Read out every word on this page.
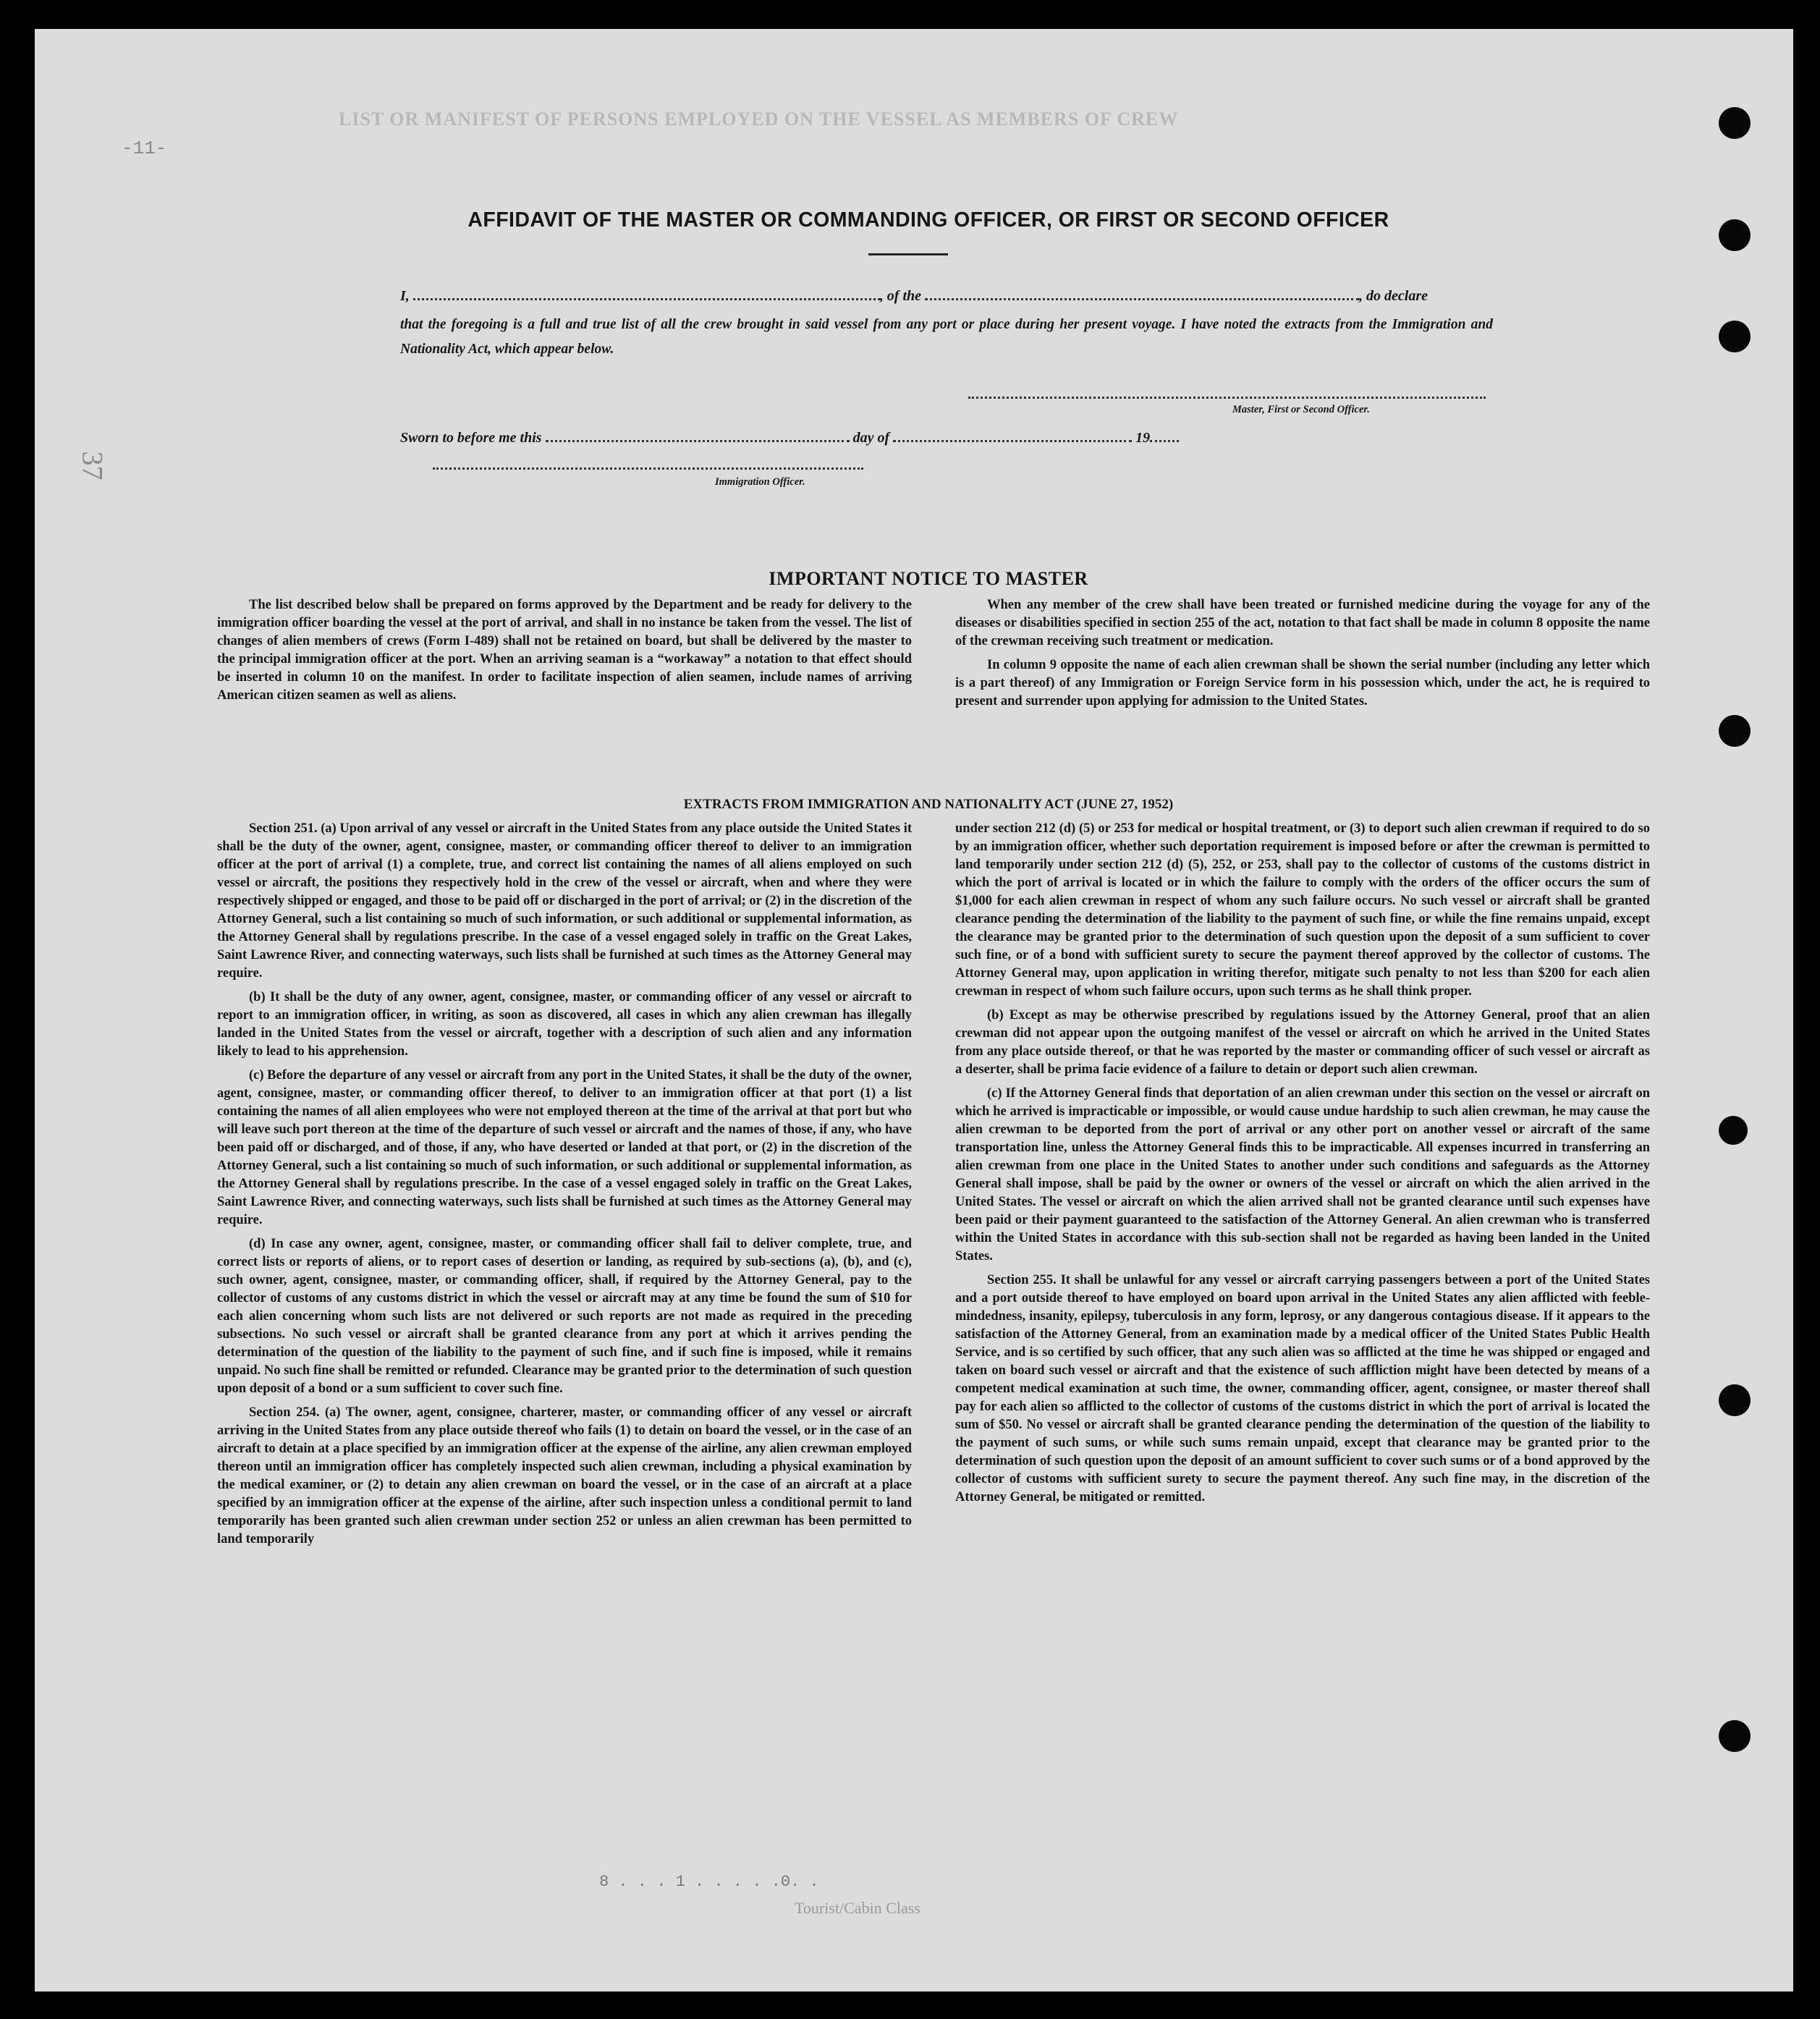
-11-
37
LIST OR MANIFEST OF PERSONS EMPLOYED ON THE VESSEL AS MEMBERS OF CREW
AFFIDAVIT OF THE MASTER OR COMMANDING OFFICER, OR FIRST OR SECOND OFFICER
I,	, of the	, do declare
that the foregoing is a full and true list of all the crew brought in said vessel from any port or place during her present voyage. I have noted the extracts from the Immigration and Nationality Act, which appear below.
Master, First or Second Officer.
Sworn to before me this	day of	19
Immigration Officer.
IMPORTANT NOTICE TO MASTER

The list described below shall be prepared on forms approved by the Department and be ready for delivery to the immigration officer boarding the vessel at the port of arrival, and shall in no instance be taken from the vessel. The list of changes of alien members of crews (Form I-489) shall not be retained on board, but shall be delivered by the master to the principal immigration officer at the port. When an arriving seaman is a “workaway” a notation to that effect should be inserted in column 10 on the manifest. In order to facilitate inspection of alien seamen, include names of arriving American citizen seamen as well as aliens.

When any member of the crew shall have been treated or furnished medicine during the voyage for any of the diseases or disabilities specified in section 255 of the act, notation to that fact shall be made in column 8 opposite the name of the crewman receiving such treatment or medication.

In column 9 opposite the name of each alien crewman shall be shown the serial number (including any letter which is a part thereof) of any Immigration or Foreign Service form in his possession which, under the act, he is required to present and surrender upon applying for admission to the United States.

EXTRACTS FROM IMMIGRATION AND NATIONALITY ACT (JUNE 27, 1952)

Section 251. (a) Upon arrival of any vessel or aircraft in the United States from any place outside the United States it shall be the duty of the owner, agent, consignee, master, or commanding officer thereof to deliver to an immigration officer at the port of arrival (1) a complete, true, and correct list containing the names of all aliens employed on such vessel or aircraft, the positions they respectively hold in the crew of the vessel or aircraft, when and where they were respectively shipped or engaged, and those to be paid off or discharged in the port of arrival; or (2) in the discretion of the Attorney General, such a list containing so much of such information, or such additional or supplemental information, as the Attorney General shall by regulations prescribe. In the case of a vessel engaged solely in traffic on the Great Lakes, Saint Lawrence River, and connecting waterways, such lists shall be furnished at such times as the Attorney General may require.

(b) It shall be the duty of any owner, agent, consignee, master, or commanding officer of any vessel or aircraft to report to an immigration officer, in writing, as soon as discovered, all cases in which any alien crewman has illegally landed in the United States from the vessel or aircraft, together with a description of such alien and any information likely to lead to his apprehension.

(c) Before the departure of any vessel or aircraft from any port in the United States, it shall be the duty of the owner, agent, consignee, master, or commanding officer thereof, to deliver to an immigration officer at that port (1) a list containing the names of all alien employees who were not employed thereon at the time of the arrival at that port but who will leave such port thereon at the time of the departure of such vessel or aircraft and the names of those, if any, who have been paid off or discharged, and of those, if any, who have deserted or landed at that port, or (2) in the discretion of the Attorney General, such a list containing so much of such information, or such additional or supplemental information, as the Attorney General shall by regulations prescribe. In the case of a vessel engaged solely in traffic on the Great Lakes, Saint Lawrence River, and connecting waterways, such lists shall be furnished at such times as the Attorney General may require.

(d) In case any owner, agent, consignee, master, or commanding officer shall fail to deliver complete, true, and correct lists or reports of aliens, or to report cases of desertion or landing, as required by sub-sections (a), (b), and (c), such owner, agent, consignee, master, or commanding officer, shall, if required by the Attorney General, pay to the collector of customs of any customs district in which the vessel or aircraft may at any time be found the sum of $10 for each alien concerning whom such lists are not delivered or such reports are not made as required in the preceding subsections. No such vessel or aircraft shall be granted clearance from any port at which it arrives pending the determination of the question of the liability to the payment of such fine, and if such fine is imposed, while it remains unpaid. No such fine shall be remitted or refunded. Clearance may be granted prior to the determination of such question upon deposit of a bond or a sum sufficient to cover such fine.

Section 254. (a) The owner, agent, consignee, charterer, master, or commanding officer of any vessel or aircraft arriving in the United States from any place outside thereof who fails (1) to detain on board the vessel, or in the case of an aircraft to detain at a place specified by an immigration officer at the expense of the airline, any alien crewman employed thereon until an immigration officer has completely inspected such alien crewman, including a physical examination by the medical examiner, or (2) to detain any alien crewman on board the vessel, or in the case of an aircraft at a place specified by an immigration officer at the expense of the airline, after such inspection unless a conditional permit to land temporarily has been granted such alien crewman under section 252 or unless an alien crewman has been permitted to land temporarily

under section 212 (d) (5) or 253 for medical or hospital treatment, or (3) to deport such alien crewman if required to do so by an immigration officer, whether such deportation requirement is imposed before or after the crewman is permitted to land temporarily under section 212 (d) (5), 252, or 253, shall pay to the collector of customs of the customs district in which the port of arrival is located or in which the failure to comply with the orders of the officer occurs the sum of $1,000 for each alien crewman in respect of whom any such failure occurs. No such vessel or aircraft shall be granted clearance pending the determination of the liability to the payment of such fine, or while the fine remains unpaid, except the clearance may be granted prior to the determination of such question upon the deposit of a sum sufficient to cover such fine, or of a bond with sufficient surety to secure the payment thereof approved by the collector of customs. The Attorney General may, upon application in writing therefor, mitigate such penalty to not less than $200 for each alien crewman in respect of whom such failure occurs, upon such terms as he shall think proper.

(b) Except as may be otherwise prescribed by regulations issued by the Attorney General, proof that an alien crewman did not appear upon the outgoing manifest of the vessel or aircraft on which he arrived in the United States from any place outside thereof, or that he was reported by the master or commanding officer of such vessel or aircraft as a deserter, shall be prima facie evidence of a failure to detain or deport such alien crewman.

(c) If the Attorney General finds that deportation of an alien crewman under this section on the vessel or aircraft on which he arrived is impracticable or impossible, or would cause undue hardship to such alien crewman, he may cause the alien crewman to be deported from the port of arrival or any other port on another vessel or aircraft of the same transportation line, unless the Attorney General finds this to be impracticable. All expenses incurred in transferring an alien crewman from one place in the United States to another under such conditions and safeguards as the Attorney General shall impose, shall be paid by the owner or owners of the vessel or aircraft on which the alien arrived in the United States. The vessel or aircraft on which the alien arrived shall not be granted clearance until such expenses have been paid or their payment guaranteed to the satisfaction of the Attorney General. An alien crewman who is transferred within the United States in accordance with this sub-section shall not be regarded as having been landed in the United States.

Section 255. It shall be unlawful for any vessel or aircraft carrying passengers between a port of the United States and a port outside thereof to have employed on board upon arrival in the United States any alien afflicted with feeble-mindedness, insanity, epilepsy, tuberculosis in any form, leprosy, or any dangerous contagious disease. If it appears to the satisfaction of the Attorney General, from an examination made by a medical officer of the United States Public Health Service, and is so certified by such officer, that any such alien was so afflicted at the time he was shipped or engaged and taken on board such vessel or aircraft and that the existence of such affliction might have been detected by means of a competent medical examination at such time, the owner, commanding officer, agent, consignee, or master thereof shall pay for each alien so afflicted to the collector of customs of the customs district in which the port of arrival is located the sum of $50. No vessel or aircraft shall be granted clearance pending the determination of the question of the liability to the payment of such sums, or while such sums remain unpaid, except that clearance may be granted prior to the determination of such question upon the deposit of an amount sufficient to cover such sums or of a bond approved by the collector of customs with sufficient surety to secure the payment thereof. Any such fine may, in the discretion of the Attorney General, be mitigated or remitted.

8 . . . 1 . . . . .0. .
Tourist/Cabin Class
